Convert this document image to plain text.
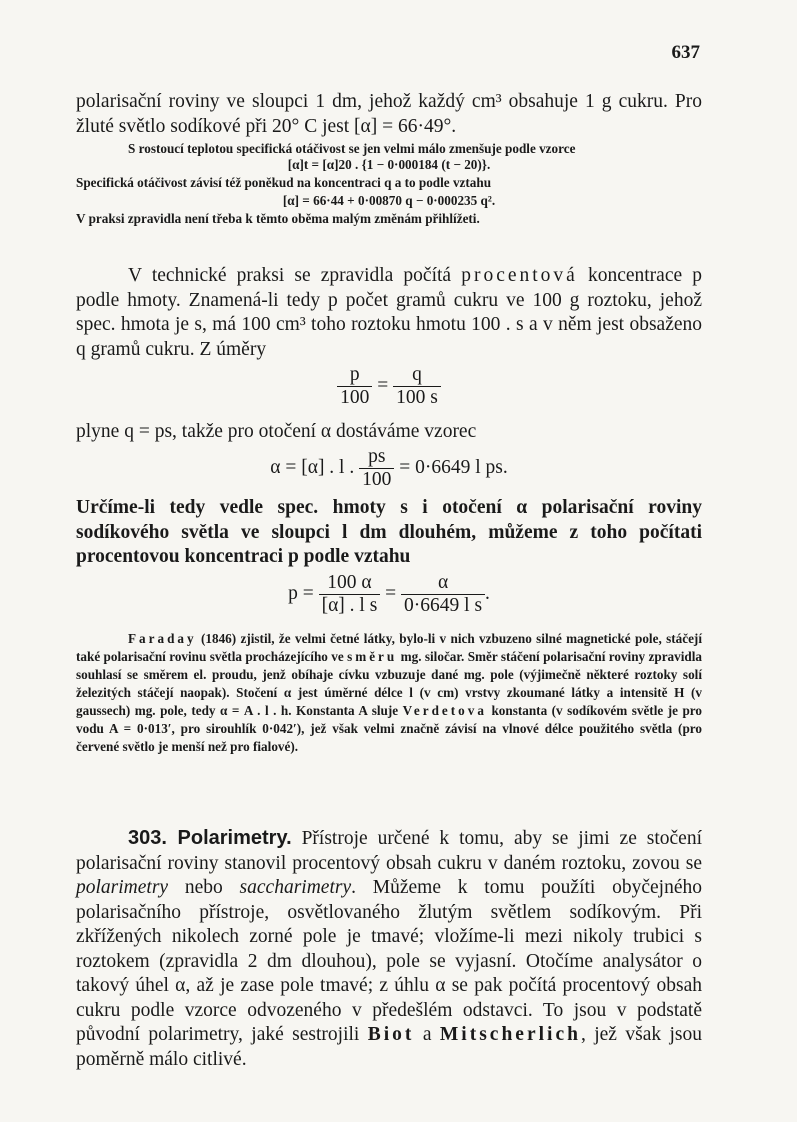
637

polarisační roviny ve sloupci 1 dm, jehož každý cm³ obsahuje 1 g cukru. Pro žluté světlo sodíkové při 20° C jest [α] = 66·49°.

S rostoucí teplotou specifická otáčivost se jen velmi málo zmenšuje podle vzorce

[α]t = [α]20 . {1 − 0·000184 (t − 20)}.

Specifická otáčivost závisí též poněkud na koncentraci q a to podle vztahu

[α] = 66·44 + 0·00870 q − 0·000235 q².

V praksi zpravidla není třeba k těmto oběma malým změnám přihlížeti.

V technické praksi se zpravidla počítá procentová koncentrace p podle hmoty. Znamená-li tedy p počet gramů cukru ve 100 g roztoku, jehož spec. hmota je s, má 100 cm³ toho roztoku hmotu 100 . s a v něm jest obsaženo q gramů cukru. Z úměry

$\frac{p}{100} = \frac{q}{100 s}$

plyne q = ps, takže pro otočení α dostáváme vzorec

α = [α] . l . $\frac{ps}{100} = 0\cdot 6649$ l ps.

Určíme-li tedy vedle spec. hmoty s i otočení α polarisační roviny sodíkového světla ve sloupci l dm dlouhém, můžeme z toho počítati procentovou koncentraci p podle vztahu

$p = \frac{100 \alpha}{\text{[α] . l s}} = \frac{\alpha}{\text{0·6649 l s}}$ .

Faraday (1846) zjistil, že velmi četné látky, bylo-li v nich vzbuzeno silné magnetické pole, stáčejí také polarisační rovinu světla procházejícího ve směru mg. siločar. Směr stáčení polarisační roviny zpravidla souhlasí se směrem el. proudu, jenž obíhaje cívku vzbuzuje dané mg. pole (výjimečně některé roztoky solí železitých stáčejí naopak). Stočení α jest úměrné délce l (v cm) vrstvy zkoumané látky a intensitě H (v gaussech) mg. pole, tedy α = A . l . h. Konstanta A sluje Verdetova konstanta (v sodíkovém světle je pro vodu A = 0·013′, pro sirouhlík 0·042′), jež však velmi značně závisí na vlnové délce použitého světla (pro červené světlo je menší než pro fialové).

303. Polarimetry. Přístroje určené k tomu, aby se jimi ze stočení polarisační roviny stanovil procentový obsah cukru v daném roztoku, zovou se polarimetry nebo saccharimetry. Můžeme k tomu použíti obyčejného polarisačního přístroje, osvětlovaného žlutým světlem sodíkovým. Při zkřížených nikolech zorné pole je tmavé; vložíme-li mezi nikoly trubici s roztokem (zpravidla 2 dm dlouhou), pole se vyjasní. Otočíme analysátor o takový úhel α, až je zase pole tmavé; z úhlu α se pak počítá procentový obsah cukru podle vzorce odvozeného v předešlém odstavci. To jsou v podstatě původní polarimetry, jaké sestrojili Biot a Mitscherlich, jež však jsou poměrně málo citlivé.
